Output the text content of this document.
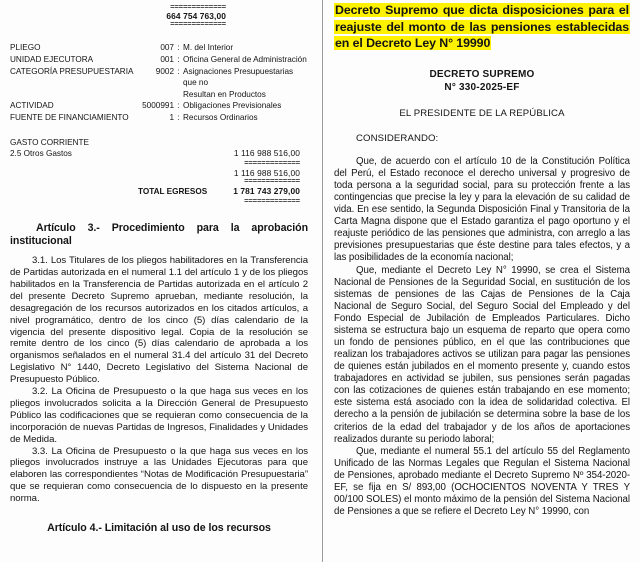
=============
664 754 763,00
=============
PLIEGO	007 : M. del Interior
UNIDAD EJECUTORA	001 : Oficina General de Administración
CATEGORÍA PRESUPUESTARIA	9002 : Asignaciones Presupuestarias que no
Resultan en Productos
ACTIVIDAD	5000991 : Obligaciones Previsionales
FUENTE DE FINANCIAMIENTO	1 : Recursos Ordinarios
GASTO CORRIENTE
2.5 Otros Gastos	1 116 988 516,00
=============
1 116 988 516,00
=============
TOTAL EGRESOS	1 781 743 279,00
=============
Artículo 3.- Procedimiento para la aprobación institucional

3.1. Los Titulares de los pliegos habilitadores en la Transferencia de Partidas autorizada en el numeral 1.1 del artículo 1 y de los pliegos habilitados en la Transferencia de Partidas autorizada en el artículo 2 del presente Decreto Supremo aprueban, mediante resolución, la desagregación de los recursos autorizados en los citados artículos, a nivel programático, dentro de los cinco (5) días calendario de la vigencia del presente dispositivo legal. Copia de la resolución se remite dentro de los cinco (5) días calendario de aprobada a los organismos señalados en el numeral 31.4 del artículo 31 del Decreto Legislativo N° 1440, Decreto Legislativo del Sistema Nacional de Presupuesto Público.

3.2. La Oficina de Presupuesto o la que haga sus veces en los pliegos involucrados solicita a la Dirección General de Presupuesto Público las codificaciones que se requieran como consecuencia de la incorporación de nuevas Partidas de Ingresos, Finalidades y Unidades de Medida.

3.3. La Oficina de Presupuesto o la que haga sus veces en los pliegos involucrados instruye a las Unidades Ejecutoras para que elaboren las correspondientes “Notas de Modificación Presupuestaria” que se requieran como consecuencia de lo dispuesto en la presente norma.

Artículo 4.- Limitación al uso de los recursos

Decreto Supremo que dicta disposiciones para el reajuste del monto de las pensiones establecidas en el Decreto Ley N° 19990

DECRETO SUPREMO
N° 330-2025-EF
EL PRESIDENTE DE LA REPÚBLICA
CONSIDERANDO:

Que, de acuerdo con el artículo 10 de la Constitución Política del Perú, el Estado reconoce el derecho universal y progresivo de toda persona a la seguridad social, para su protección frente a las contingencias que precise la ley y para la elevación de su calidad de vida. En ese sentido, la Segunda Disposición Final y Transitoria de la Carta Magna dispone que el Estado garantiza el pago oportuno y el reajuste periódico de las pensiones que administra, con arreglo a las previsiones presupuestarias que éste destine para tales efectos, y a las posibilidades de la economía nacional;

Que, mediante el Decreto Ley N° 19990, se crea el Sistema Nacional de Pensiones de la Seguridad Social, en sustitución de los sistemas de pensiones de las Cajas de Pensiones de la Caja Nacional de Seguro Social, del Seguro Social del Empleado y del Fondo Especial de Jubilación de Empleados Particulares. Dicho sistema se estructura bajo un esquema de reparto que opera como un fondo de pensiones público, en el que las contribuciones que realizan los trabajadores activos se utilizan para pagar las pensiones de quienes están jubilados en el momento presente y, cuando estos trabajadores en actividad se jubilen, sus pensiones serán pagadas con las cotizaciones de quienes están trabajando en ese momento; este sistema está asociado con la idea de solidaridad colectiva. El derecho a la pensión de jubilación se determina sobre la base de los criterios de la edad del trabajador y de los años de aportaciones realizados durante su periodo laboral;

Que, mediante el numeral 55.1 del artículo 55 del Reglamento Unificado de las Normas Legales que Regulan el Sistema Nacional de Pensiones, aprobado mediante el Decreto Supremo Nº 354-2020-EF, se fija en S/ 893,00 (OCHOCIENTOS NOVENTA Y TRES Y 00/100 SOLES) el monto máximo de la pensión del Sistema Nacional de Pensiones a que se refiere el Decreto Ley N° 19990, con
